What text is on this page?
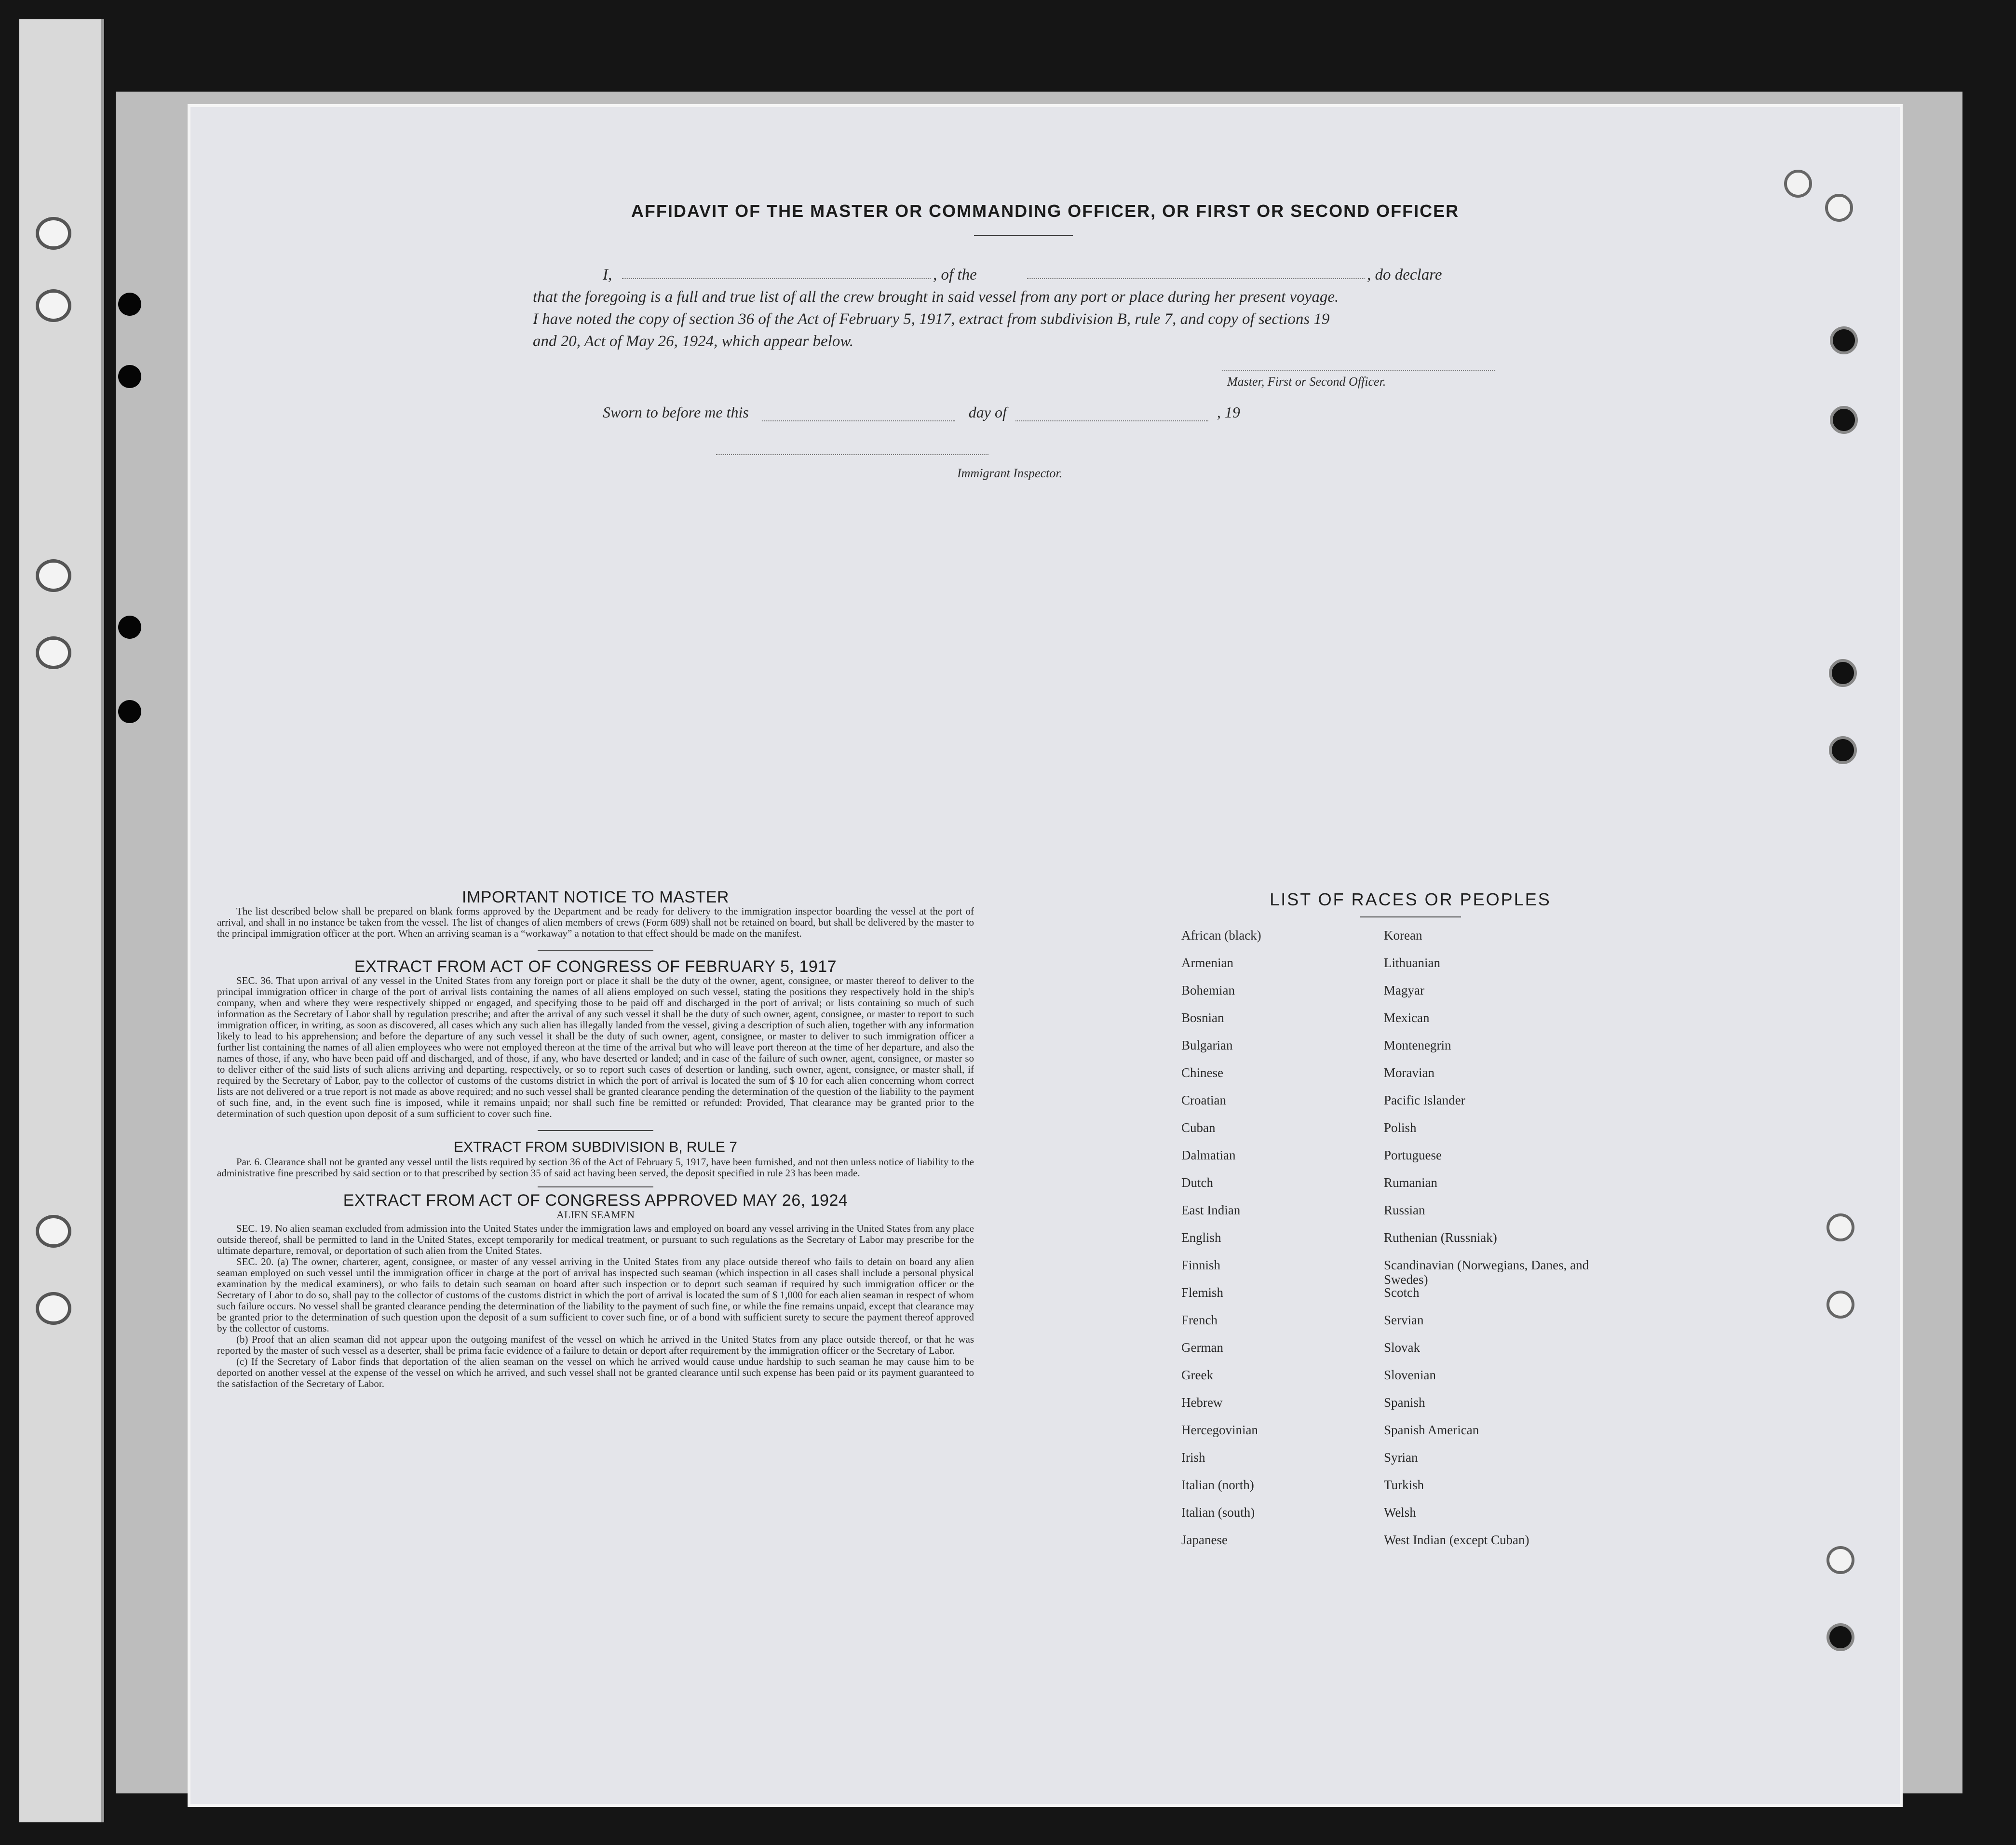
AFFIDAVIT OF THE MASTER OR COMMANDING OFFICER, OR FIRST OR SECOND OFFICER
I,	, of the	, do declare
that the foregoing is a full and true list of all the crew brought in said vessel from any port or place during her present voyage.
I have noted the copy of section 36 of the Act of February 5, 1917, extract from subdivision B, rule 7, and copy of sections 19
and 20, Act of May 26, 1924, which appear below.
Master, First or Second Officer.
Sworn to before me this	day of	, 19
Immigrant Inspector.
IMPORTANT NOTICE TO MASTER

The list described below shall be prepared on blank forms approved by the Department and be ready for delivery to the immigration inspector boarding the vessel at the port of arrival, and shall in no instance be taken from the vessel. The list of changes of alien members of crews (Form 689) shall not be retained on board, but shall be delivered by the master to the principal immigration officer at the port. When an arriving seaman is a “workaway” a notation to that effect should be made on the manifest.

EXTRACT FROM ACT OF CONGRESS OF FEBRUARY 5, 1917

SEC. 36. That upon arrival of any vessel in the United States from any foreign port or place it shall be the duty of the owner, agent, consignee, or master thereof to deliver to the principal immigration officer in charge of the port of arrival lists containing the names of all aliens employed on such vessel, stating the positions they respectively hold in the ship's company, when and where they were respectively shipped or engaged, and specifying those to be paid off and discharged in the port of arrival; or lists containing so much of such information as the Secretary of Labor shall by regulation prescribe; and after the arrival of any such vessel it shall be the duty of such owner, agent, consignee, or master to report to such immigration officer, in writing, as soon as discovered, all cases which any such alien has illegally landed from the vessel, giving a description of such alien, together with any information likely to lead to his apprehension; and before the departure of any such vessel it shall be the duty of such owner, agent, consignee, or master to deliver to such immigration officer a further list containing the names of all alien employees who were not employed thereon at the time of the arrival but who will leave port thereon at the time of her departure, and also the names of those, if any, who have been paid off and discharged, and of those, if any, who have deserted or landed; and in case of the failure of such owner, agent, consignee, or master so to deliver either of the said lists of such aliens arriving and departing, respectively, or so to report such cases of desertion or landing, such owner, agent, consignee, or master shall, if required by the Secretary of Labor, pay to the collector of customs of the customs district in which the port of arrival is located the sum of $ 10 for each alien concerning whom correct lists are not delivered or a true report is not made as above required; and no such vessel shall be granted clearance pending the determination of the question of the liability to the payment of such fine, and, in the event such fine is imposed, while it remains unpaid; nor shall such fine be remitted or refunded: Provided, That clearance may be granted prior to the determination of such question upon deposit of a sum sufficient to cover such fine.

EXTRACT FROM SUBDIVISION B, RULE 7

Par. 6. Clearance shall not be granted any vessel until the lists required by section 36 of the Act of February 5, 1917, have been furnished, and not then unless notice of liability to the administrative fine prescribed by said section or to that prescribed by section 35 of said act having been served, the deposit specified in rule 23 has been made.

EXTRACT FROM ACT OF CONGRESS APPROVED MAY 26, 1924
ALIEN SEAMEN

SEC. 19. No alien seaman excluded from admission into the United States under the immigration laws and employed on board any vessel arriving in the United States from any place outside thereof, shall be permitted to land in the United States, except temporarily for medical treatment, or pursuant to such regulations as the Secretary of Labor may prescribe for the ultimate departure, removal, or deportation of such alien from the United States.

SEC. 20. (a) The owner, charterer, agent, consignee, or master of any vessel arriving in the United States from any place outside thereof who fails to detain on board any alien seaman employed on such vessel until the immigration officer in charge at the port of arrival has inspected such seaman (which inspection in all cases shall include a personal physical examination by the medical examiners), or who fails to detain such seaman on board after such inspection or to deport such seaman if required by such immigration officer or the Secretary of Labor to do so, shall pay to the collector of customs of the customs district in which the port of arrival is located the sum of $ 1,000 for each alien seaman in respect of whom such failure occurs. No vessel shall be granted clearance pending the determination of the liability to the payment of such fine, or while the fine remains unpaid, except that clearance may be granted prior to the determination of such question upon the deposit of a sum sufficient to cover such fine, or of a bond with sufficient surety to secure the payment thereof approved by the collector of customs.

(b) Proof that an alien seaman did not appear upon the outgoing manifest of the vessel on which he arrived in the United States from any place outside thereof, or that he was reported by the master of such vessel as a deserter, shall be prima facie evidence of a failure to detain or deport after requirement by the immigration officer or the Secretary of Labor.

(c) If the Secretary of Labor finds that deportation of the alien seaman on the vessel on which he arrived would cause undue hardship to such seaman he may cause him to be deported on another vessel at the expense of the vessel on which he arrived, and such vessel shall not be granted clearance until such expense has been paid or its payment guaranteed to the satisfaction of the Secretary of Labor.

LIST OF RACES OR PEOPLES
African (black)	Korean
Armenian	Lithuanian
Bohemian	Magyar
Bosnian	Mexican
Bulgarian	Montenegrin
Chinese	Moravian
Croatian	Pacific Islander
Cuban	Polish
Dalmatian	Portuguese
Dutch	Rumanian
East Indian	Russian
English	Ruthenian (Russniak)
Finnish	Scandinavian (Norwegians, Danes, and Swedes)
Flemish	Scotch
French	Servian
German	Slovak
Greek	Slovenian
Hebrew	Spanish
Hercegovinian	Spanish American
Irish	Syrian
Italian (north)	Turkish
Italian (south)	Welsh
Japanese	West Indian (except Cuban)
